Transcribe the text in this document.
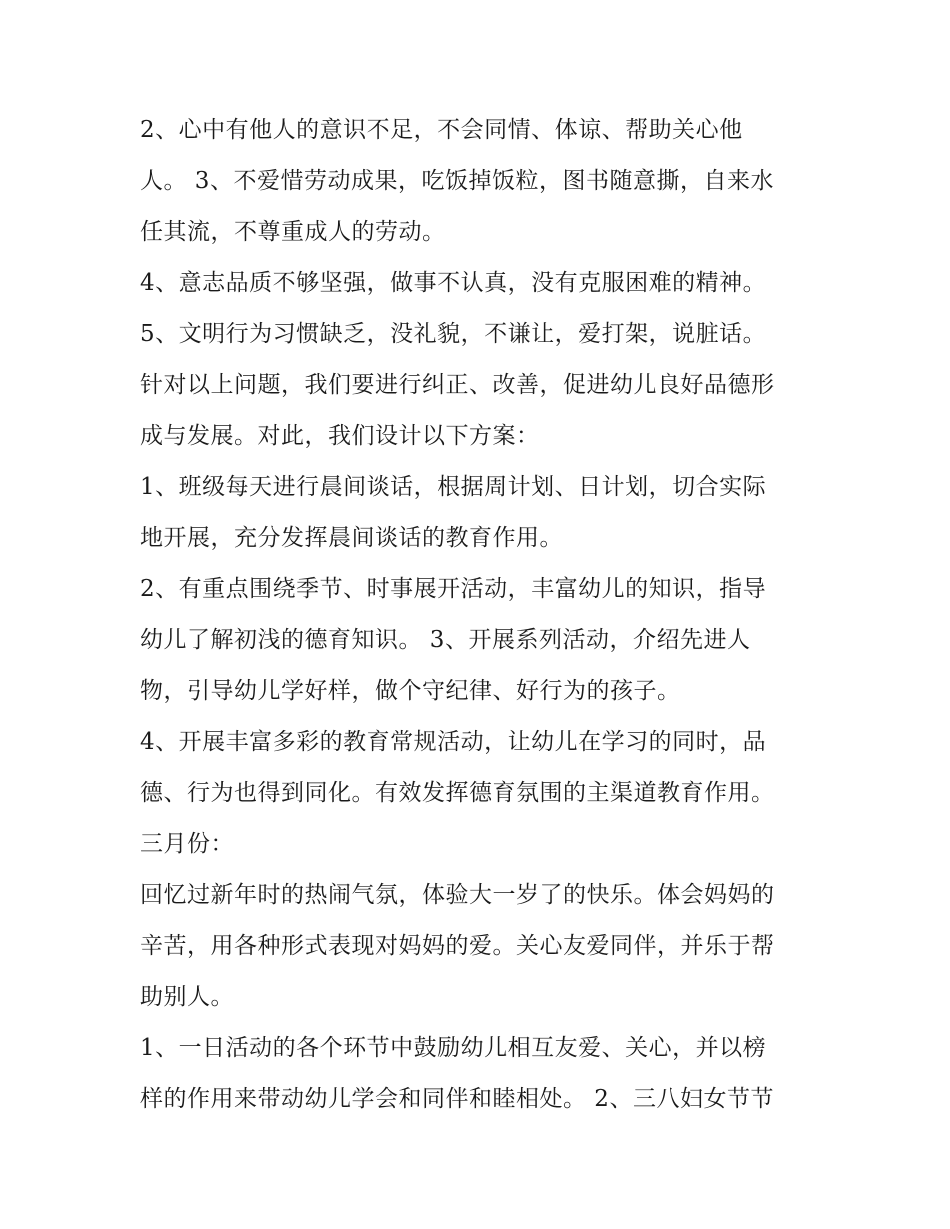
2、心中有他人的意识不足，不会同情、体谅、帮助关心他
人。 3、不爱惜劳动成果，吃饭掉饭粒，图书随意撕，自来水
任其流，不尊重成人的劳动。
4、意志品质不够坚强，做事不认真，没有克服困难的精神。
5、文明行为习惯缺乏，没礼貌，不谦让，爱打架，说脏话。
针对以上问题，我们要进行纠正、改善，促进幼儿良好品德形
成与发展。对此，我们设计以下方案：
1、班级每天进行晨间谈话，根据周计划、日计划，切合实际
地开展，充分发挥晨间谈话的教育作用。
2、有重点围绕季节、时事展开活动，丰富幼儿的知识，指导
幼儿了解初浅的德育知识。 3、开展系列活动，介绍先进人
物，引导幼儿学好样，做个守纪律、好行为的孩子。
4、开展丰富多彩的教育常规活动，让幼儿在学习的同时，品
德、行为也得到同化。有效发挥德育氛围的主渠道教育作用。
三月份：
回忆过新年时的热闹气氛，体验大一岁了的快乐。体会妈妈的
辛苦，用各种形式表现对妈妈的爱。关心友爱同伴，并乐于帮
助别人。
1、一日活动的各个环节中鼓励幼儿相互友爱、关心，并以榜
样的作用来带动幼儿学会和同伴和睦相处。 2、三八妇女节节
